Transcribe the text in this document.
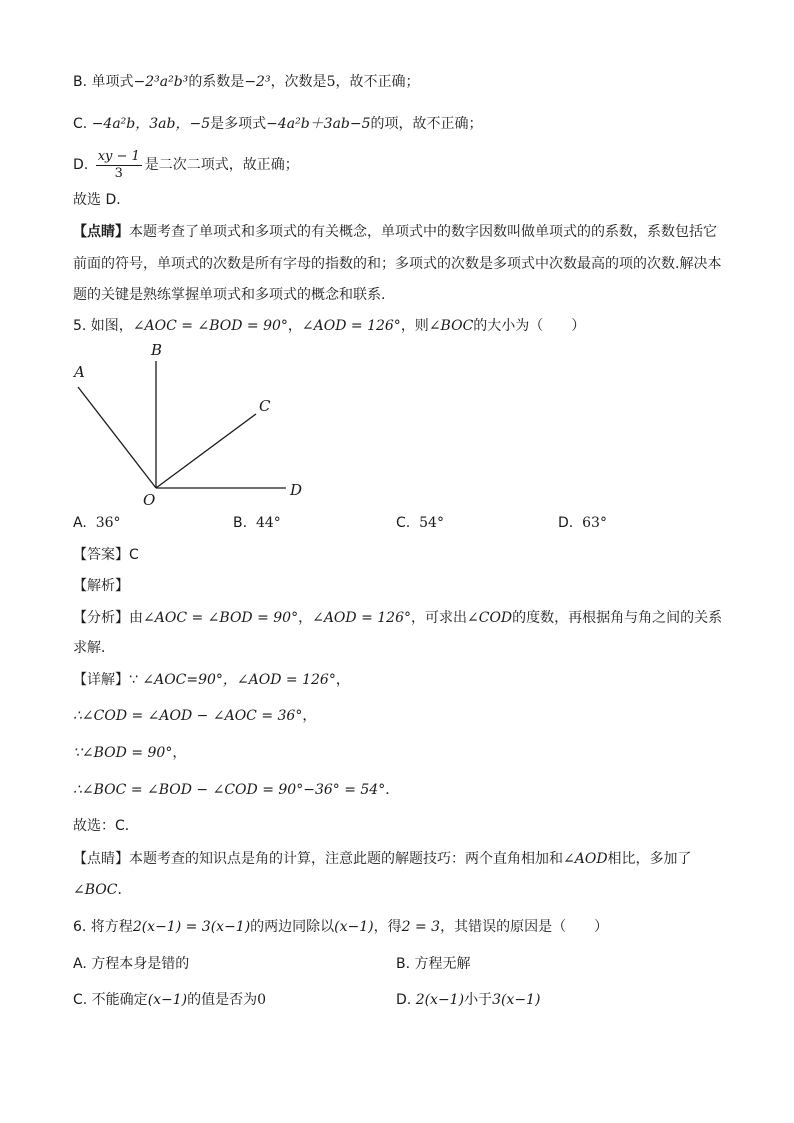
B. 单项式−2³a²b³的系数是−2³，次数是5，故不正确；
C. −4a²b，3ab，−5是多项式−4a²b＋3ab−5的项，故不正确；
D. $\frac{xy - 1}{3}$ 是二次二项式，故正确；
故选 D.
【点睛】本题考查了单项式和多项式的有关概念，单项式中的数字因数叫做单项式的的系数，系数包括它
前面的符号，单项式的次数是所有字母的指数的和；多项式的次数是多项式中次数最高的项的次数.解决本
题的关键是熟练掌握单项式和多项式的概念和联系.
5. 如图，∠AOC = ∠BOD = 90°，∠AOD = 126°，则∠BOC的大小为（　　）
A
B
C
D
O
A. 36°	B. 44°	C. 54°	D. 63°
【答案】C
【解析】
【分析】由∠AOC = ∠BOD = 90°，∠AOD = 126°，可求出∠COD的度数，再根据角与角之间的关系
求解．
【详解】∵ ∠AOC=90°，∠AOD = 126°，
∴∠COD = ∠AOD − ∠AOC = 36°，
∵∠BOD = 90°，
∴∠BOC = ∠BOD − ∠COD = 90°−36° = 54°．
故选：C．
【点睛】本题考查的知识点是角的计算，注意此题的解题技巧：两个直角相加和∠AOD相比，多加了
∠BOC．
6. 将方程2(x−1) = 3(x−1)的两边同除以(x−1)，得2 = 3，其错误的原因是（　　）
A. 方程本身是错的	B. 方程无解
C. 不能确定(x−1)的值是否为0	D. 2(x−1)小于3(x−1)
